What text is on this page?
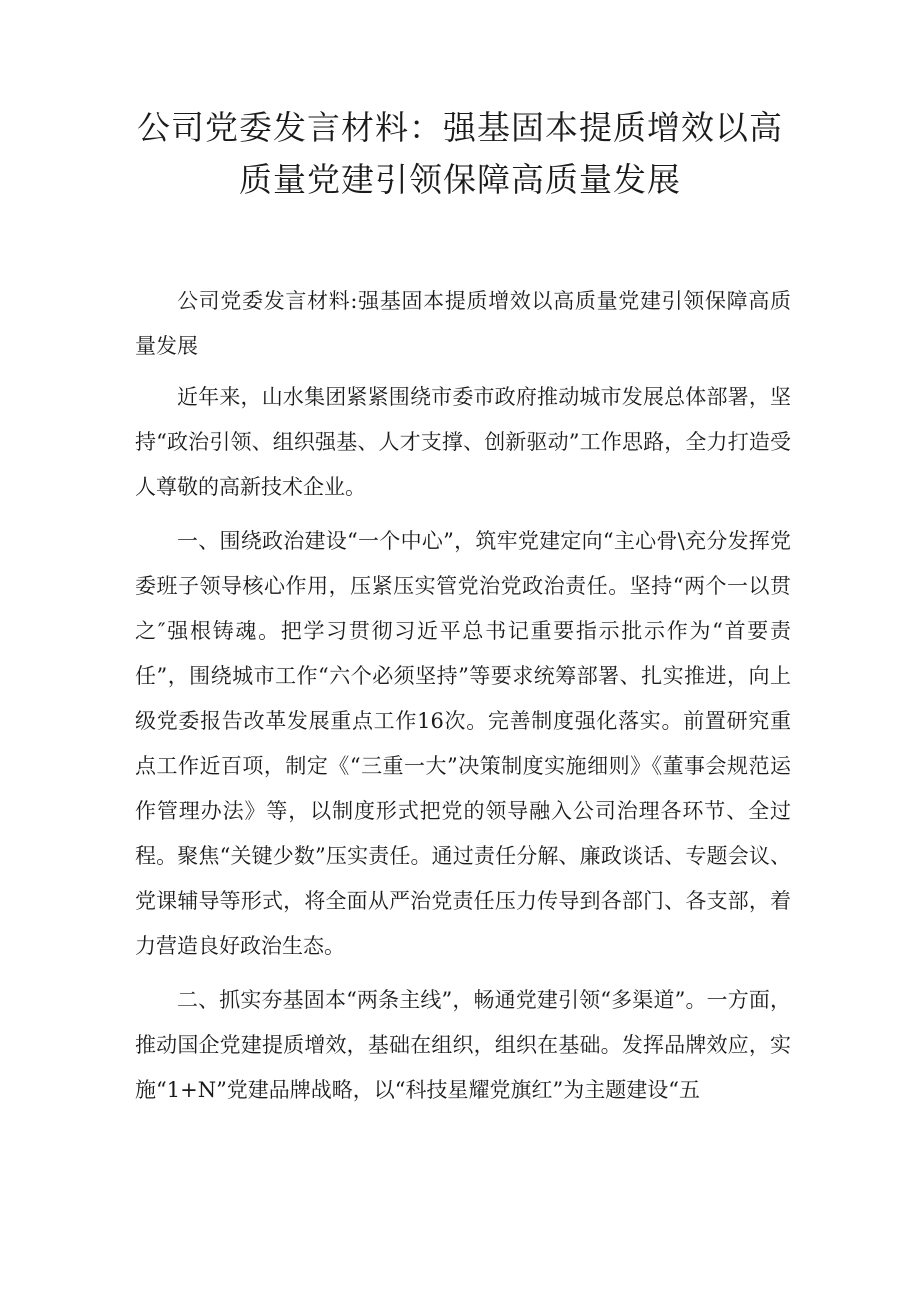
公司党委发言材料：强基固本提质增效以高质量党建引领保障高质量发展

公司党委发言材料:强基固本提质增效以高质量党建引领保障高质量发展

近年来，山水集团紧紧围绕市委市政府推动城市发展总体部署，坚持“政治引领、组织强基、人才支撑、创新驱动”工作思路，全力打造受人尊敬的高新技术企业。

一、围绕政治建设“一个中心”，筑牢党建定向“主心骨\充分发挥党委班子领导核心作用，压紧压实管党治党政治责任。坚持“两个一以贯之″强根铸魂。把学习贯彻习近平总书记重要指示批示作为“首要责任”，围绕城市工作“六个必须坚持”等要求统筹部署、扎实推进，向上级党委报告改革发展重点工作16次。完善制度强化落实。前置研究重点工作近百项，制定《“三重一大”决策制度实施细则》《董事会规范运作管理办法》等，以制度形式把党的领导融入公司治理各环节、全过程。聚焦“关键少数”压实责任。通过责任分解、廉政谈话、专题会议、党课辅导等形式，将全面从严治党责任压力传导到各部门、各支部，着力营造良好政治生态。

二、抓实夯基固本“两条主线”，畅通党建引领“多渠道”。一方面，推动国企党建提质增效，基础在组织，组织在基础。发挥品牌效应，实施“1+N”党建品牌战略，以“科技星耀党旗红”为主题建设“五
